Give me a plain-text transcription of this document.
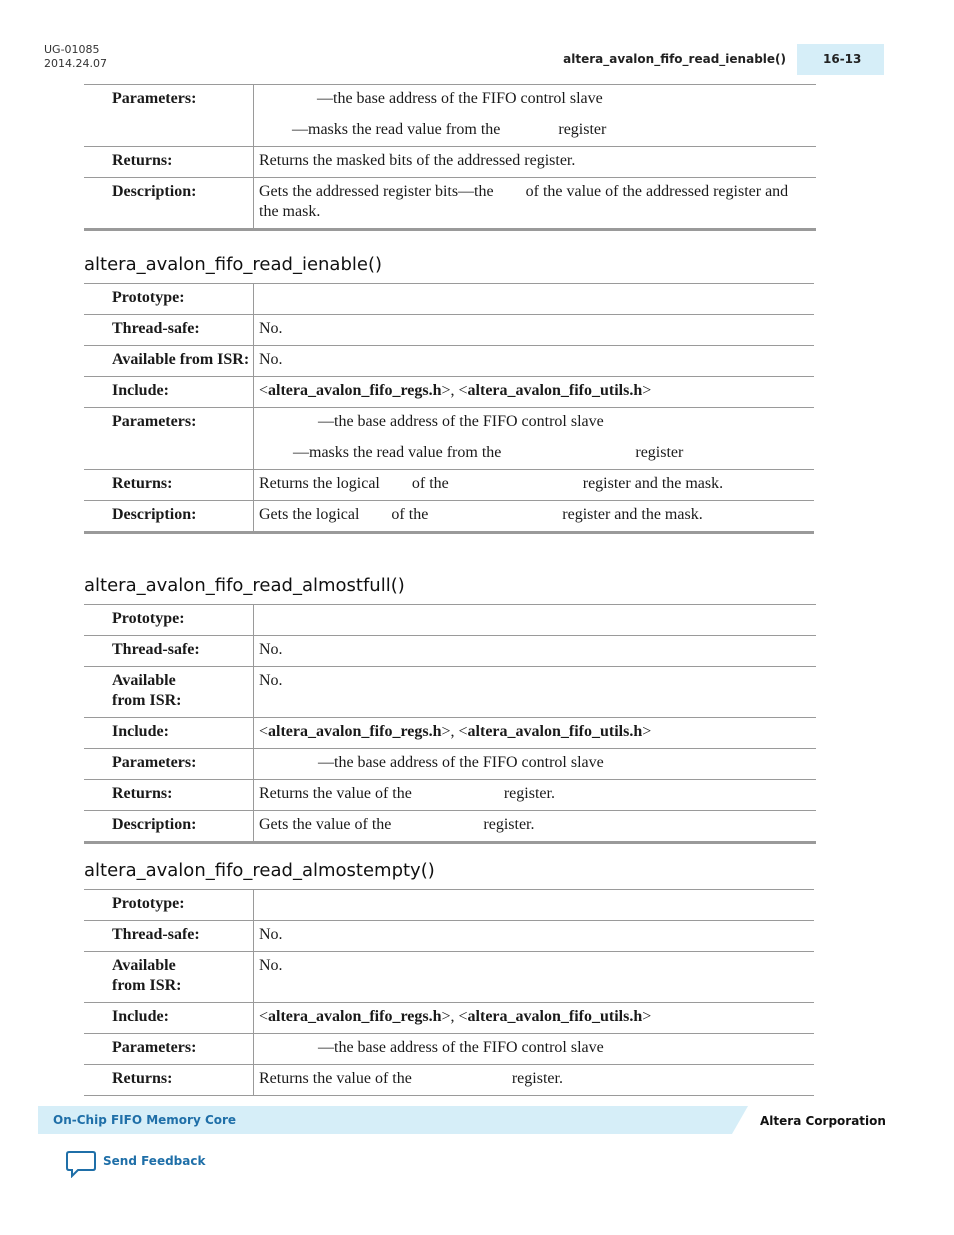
UG-01085
2014.24.07	altera_avalon_fifo_read_ienable()	16-13
Parameters:	—the base address of the FIFO control slave
—masks the read value from the register

Returns:	Returns the masked bits of the addressed register.
Description:	Gets the addressed register bits—the of the value of the addressed register and the mask.
altera_avalon_fifo_read_ienable()
Prototype:	
Thread-safe:	No.
Available from ISR:	No.
Include:	<altera_avalon_fifo_regs.h>, <altera_avalon_fifo_utils.h>
Parameters:	—the base address of the FIFO control slave
—masks the read value from the register

Returns:	Returns the logical of the register and the mask.
Description:	Gets the logical of the register and the mask.
altera_avalon_fifo_read_almostfull()
Prototype:	
Thread-safe:	No.

Available from ISR:	No.
Include:	<altera_avalon_fifo_regs.h>, <altera_avalon_fifo_utils.h>
Parameters:	—the base address of the FIFO control slave
Returns:	Returns the value of the register.
Description:	Gets the value of the register.
altera_avalon_fifo_read_almostempty()
Prototype:	
Thread-safe:	No.

Available from ISR:	No.
Include:	<altera_avalon_fifo_regs.h>, <altera_avalon_fifo_utils.h>
Parameters:	—the base address of the FIFO control slave
Returns:	Returns the value of the register.
On-Chip FIFO Memory Core	Altera Corporation
Send Feedback
